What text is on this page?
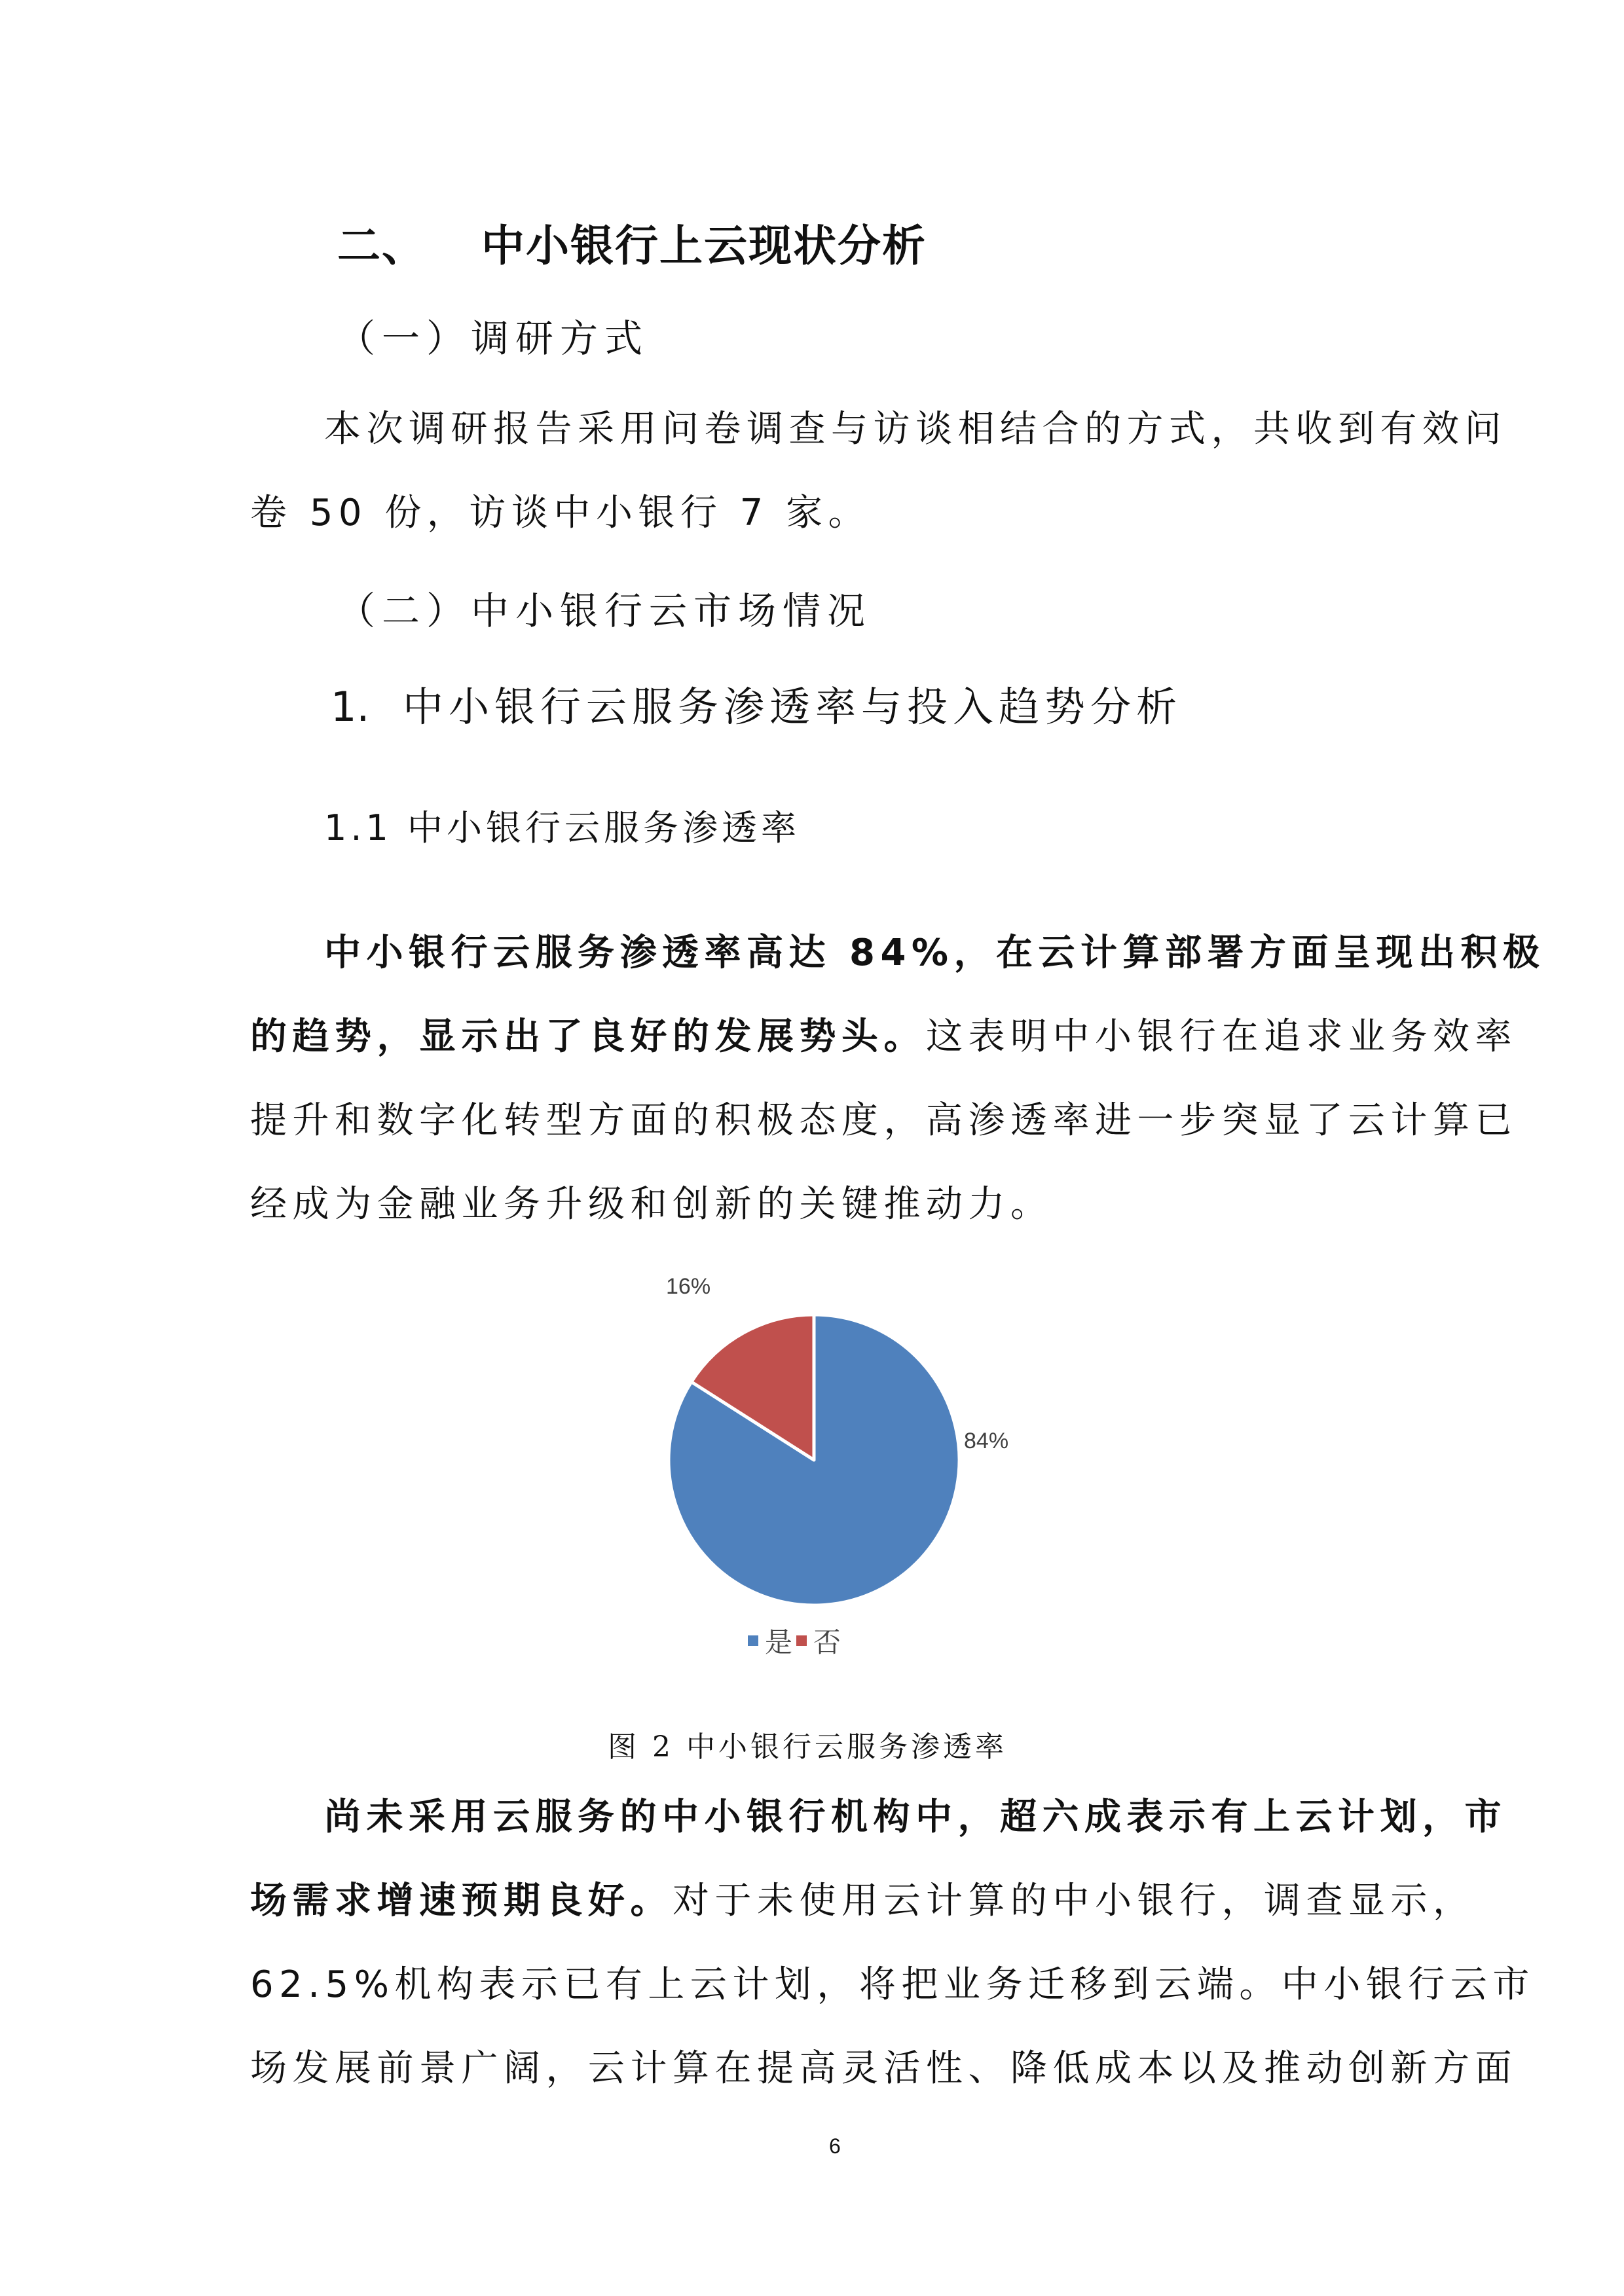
二、 中小银行上云现状分析
（一）调研方式
本次调研报告采用问卷调查与访谈相结合的方式，共收到有效问
卷 50 份，访谈中小银行 7 家。
（二）中小银行云市场情况
1. 中小银行云服务渗透率与投入趋势分析
1.1 中小银行云服务渗透率
中小银行云服务渗透率高达 84%，在云计算部署方面呈现出积极
的趋势，显示出了良好的发展势头。这表明中小银行在追求业务效率
提升和数字化转型方面的积极态度，高渗透率进一步突显了云计算已
经成为金融业务升级和创新的关键推动力。
16%
84%
是 否
图 2 中小银行云服务渗透率
尚未采用云服务的中小银行机构中，超六成表示有上云计划，市
场需求增速预期良好。对于未使用云计算的中小银行，调查显示，
62.5%机构表示已有上云计划，将把业务迁移到云端。中小银行云市
场发展前景广阔，云计算在提高灵活性、降低成本以及推动创新方面
6
